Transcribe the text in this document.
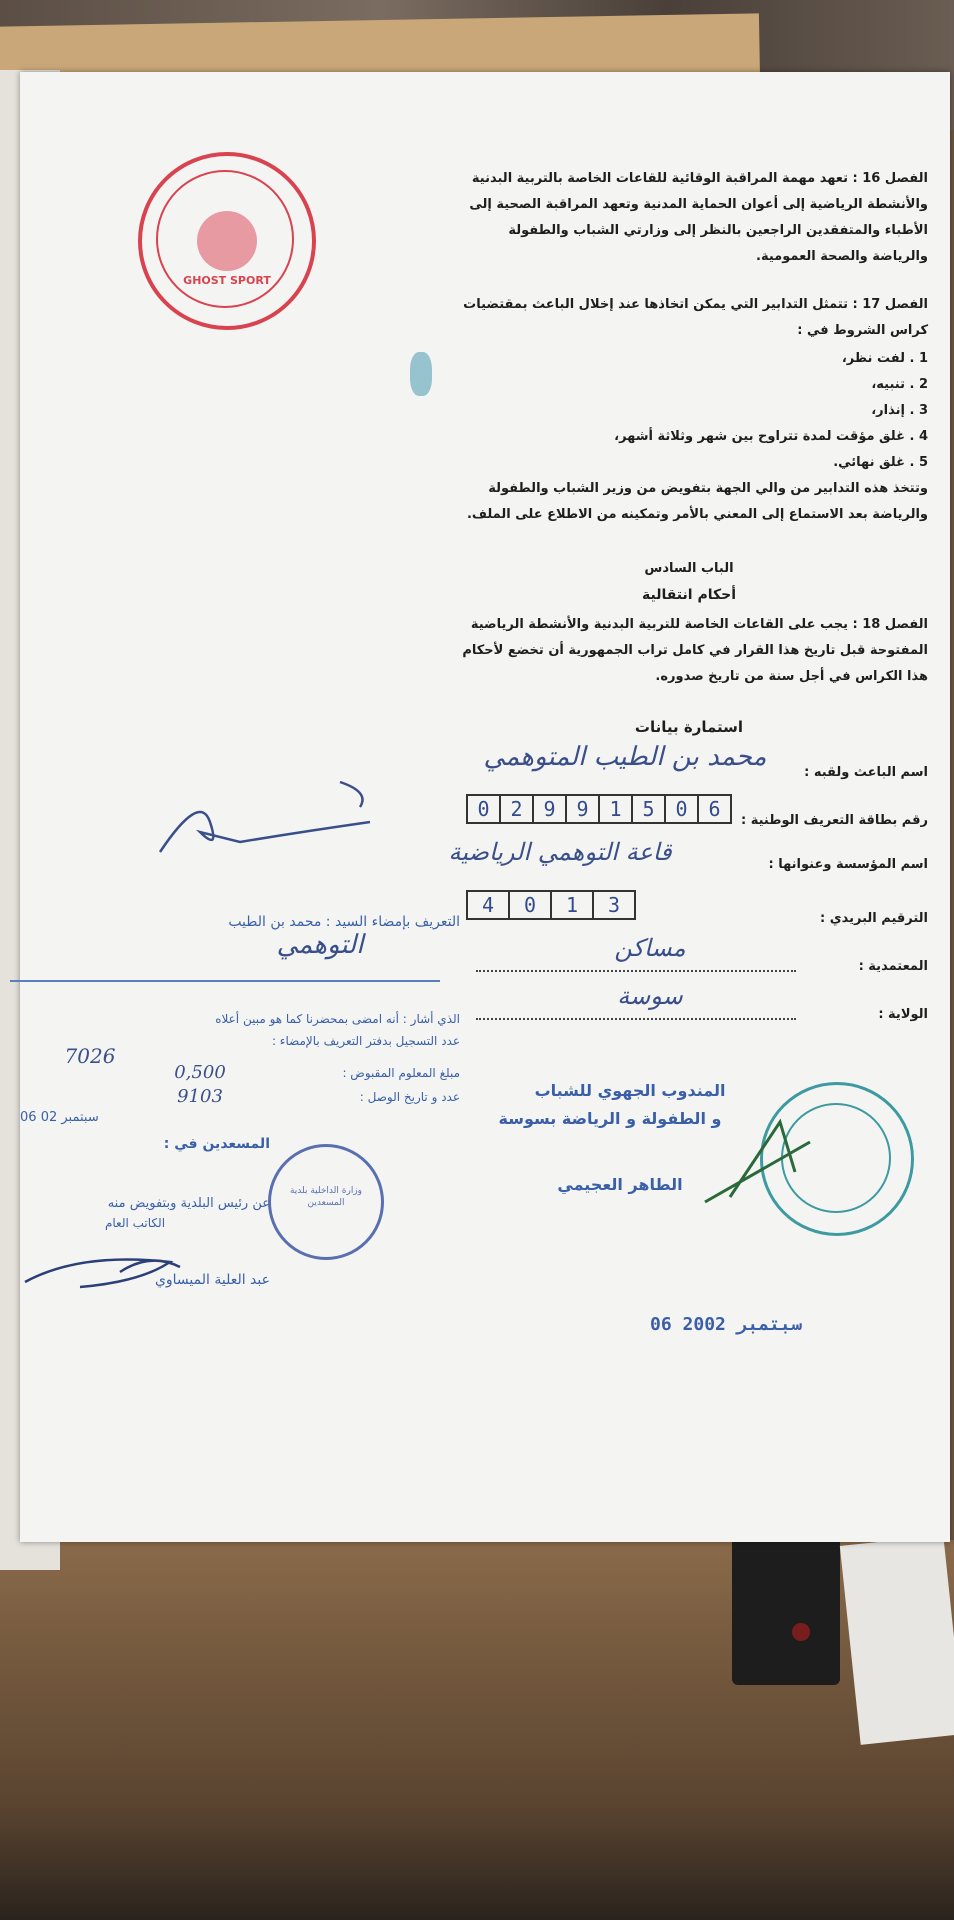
GHOST SPORT
الفصل 16 : تعهد مهمة المراقبة الوقائية للقاعات الخاصة بالتربية البدنية والأنشطة الرياضية إلى أعوان الحماية المدنية وتعهد المراقبة الصحية إلى الأطباء والمتفقدين الراجعين بالنظر إلى وزارتي الشباب والطفولة والرياضة والصحة العمومية.
الفصل 17 : تتمثل التدابير التي يمكن اتخاذها عند إخلال الباعث بمقتضيات كراس الشروط في :
1 . لفت نظر،
2 . تنبيه،
3 . إنذار،
4 . غلق مؤقت لمدة تتراوح بين شهر وثلاثة أشهر،
5 . غلق نهائي.
وتتخذ هذه التدابير من والي الجهة بتفويض من وزير الشباب والطفولة والرياضة بعد الاستماع إلى المعني بالأمر وتمكينه من الاطلاع على الملف.
الباب السادس
أحكام انتقالية
الفصل 18 : يجب على القاعات الخاصة للتربية البدنية والأنشطة الرياضية المفتوحة قبل تاريخ هذا القرار في كامل تراب الجمهورية أن تخضع لأحكام هذا الكراس في أجل سنة من تاريخ صدوره.
استمارة بيانات
اسم الباعث ولقبه :
محمد بن الطيب المتوهمي
رقم بطاقة التعريف الوطنية :
0	2	9	9	1	5	0	6
اسم المؤسسة وعنوانها :
قاعة التوهمي الرياضية
الترقيم البريدي :
4	0	1	3
المعتمدية :
مساكن
الولاية :
سوسة
المندوب الجهوي للشباب
و الطفولة و الرياضة بسوسة
الطاهر العجيمي
06 سبتمبر 2002
التعريف بإمضاء السيد : محمد بن الطيب
التوهمي
الذي أشار : أنه امضى بمحضرنا كما هو مبين أعلاه
عدد التسجيل بدفتر التعريف بالإمضاء :
7026
مبلغ المعلوم المقبوض :
0,500
عدد و تاريخ الوصل :
9103
06 سبتمبر 02
المسعدين في :
وزارة الداخلية بلدية المسعدين
عن رئيس البلدية وبتفويض منه
الكاتب العام
عبد العلية الميساوي
